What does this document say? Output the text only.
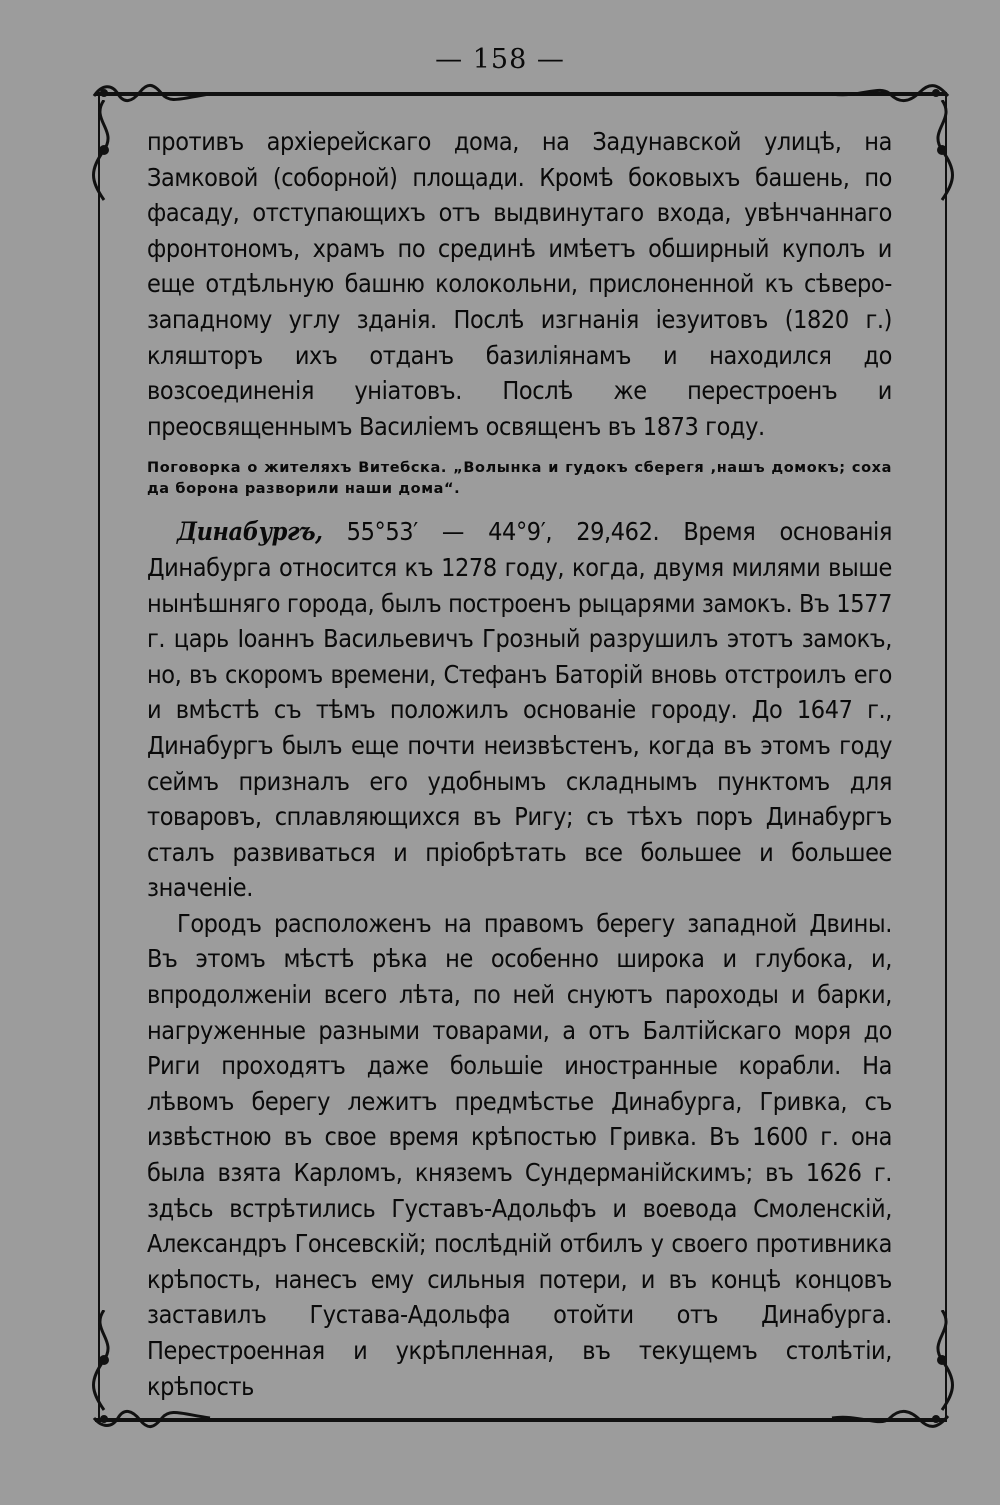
— 158 —

противъ архіерейскаго дома, на Задунавской улицѣ, на Замковой (соборной) площади. Кромѣ боковыхъ башень, по фасаду, отступающихъ отъ выдвинутаго входа, увѣнчаннаго фронтономъ, храмъ по срединѣ имѣетъ обширный куполъ и еще отдѣльную башню колокольни, прислоненной къ сѣверо-западному углу зданія. Послѣ изгнанія іезуитовъ (1820 г.) кляшторъ ихъ отданъ базиліянамъ и находился до возсоединенія уніатовъ. Послѣ же перестроенъ и преосвященнымъ Василіемъ освященъ въ 1873 году.

Поговорка о жителяхъ Витебска. „Волынка и гудокъ сберегя ,нашъ домокъ; соха да борона разворили наши дома“.

Динабургъ, 55°53′ — 44°9′, 29,462. Время основанія Динабурга относится къ 1278 году, когда, двумя милями выше нынѣшняго города, былъ построенъ рыцарями замокъ. Въ 1577 г. царь Іоаннъ Васильевичъ Грозный разрушилъ этотъ замокъ, но, въ скоромъ времени, Стефанъ Баторій вновь отстроилъ его и вмѣстѣ съ тѣмъ положилъ основаніе городу. До 1647 г., Динабургъ былъ еще почти неизвѣстенъ, когда въ этомъ году сеймъ призналъ его удобнымъ складнымъ пунктомъ для товаровъ, сплавляющихся въ Ригу; съ тѣхъ поръ Динабургъ сталъ развиваться и пріобрѣтать все большее и большее значеніе.

Городъ расположенъ на правомъ берегу западной Двины. Въ этомъ мѣстѣ рѣка не особенно широка и глубока, и, впродолженіи всего лѣта, по ней снуютъ пароходы и барки, нагруженные разными товарами, а отъ Балтійскаго моря до Риги проходятъ даже большіе иностранные корабли. На лѣвомъ берегу лежитъ предмѣстье Динабурга, Гривка, съ извѣстною въ свое время крѣпостью Гривка. Въ 1600 г. она была взята Карломъ, княземъ Сундерманійскимъ; въ 1626 г. здѣсь встрѣтились Густавъ-Адольфъ и воевода Смоленскій, Александръ Гонсевскій; послѣдній отбилъ у своего противника крѣпость, нанесъ ему сильныя потери, и въ концѣ концовъ заставилъ Густава-Адольфа отойти отъ Динабурга. Перестроенная и укрѣпленная, въ текущемъ столѣтіи, крѣпость
